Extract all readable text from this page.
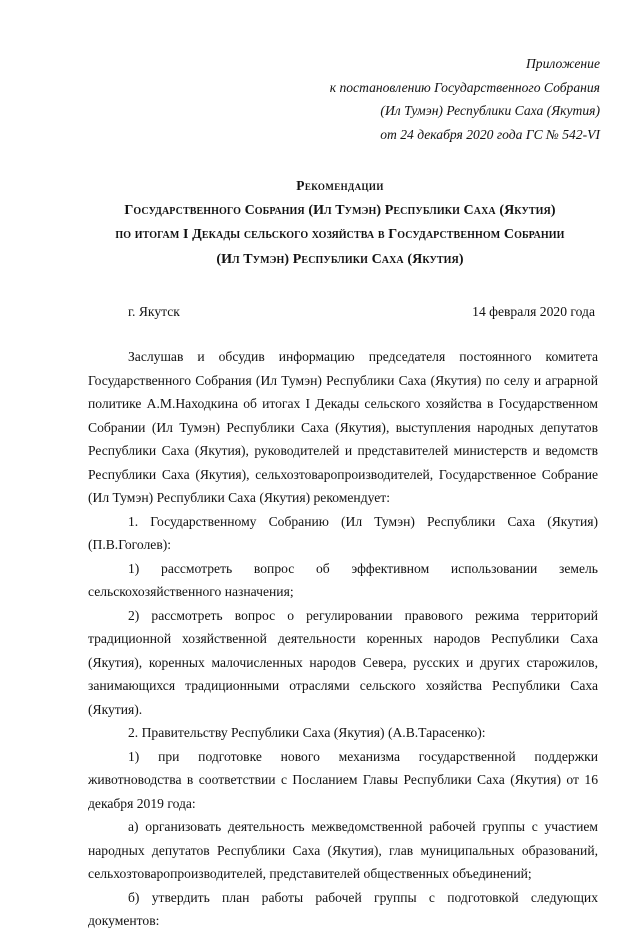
Приложение
к постановлению Государственного Собрания
(Ил Тумэн) Республики Саха (Якутия)
от 24 декабря 2020 года ГС № 542-VI
Рекомендации
Государственного Собрания (Ил Тумэн) Республики Саха (Якутия)
по итогам I Декады сельского хозяйства в Государственном Собрании
(Ил Тумэн) Республики Саха (Якутия)
г. Якутск	14 февраля 2020 года

Заслушав и обсудив информацию председателя постоянного комитета Государственного Собрания (Ил Тумэн) Республики Саха (Якутия) по селу и аграрной политике А.М.Находкина об итогах I Декады сельского хозяйства в Государственном Собрании (Ил Тумэн) Республики Саха (Якутия), выступления народных депутатов Республики Саха (Якутия), руководителей и представителей министерств и ведомств Республики Саха (Якутия), сельхозтоваропроизводителей, Государственное Собрание (Ил Тумэн) Республики Саха (Якутия) рекомендует:

1. Государственному Собранию (Ил Тумэн) Республики Саха (Якутия) (П.В.Гоголев):

1) рассмотреть вопрос об эффективном использовании земель сельскохозяйственного назначения;

2) рассмотреть вопрос о регулировании правового режима территорий традиционной хозяйственной деятельности коренных народов Республики Саха (Якутия), коренных малочисленных народов Севера, русских и других старожилов, занимающихся традиционными отраслями сельского хозяйства Республики Саха (Якутия).

2. Правительству Республики Саха (Якутия) (А.В.Тарасенко):

1) при подготовке нового механизма государственной поддержки животноводства в соответствии с Посланием Главы Республики Саха (Якутия) от 16 декабря 2019 года:

а) организовать деятельность межведомственной рабочей группы с участием народных депутатов Республики Саха (Якутия), глав муниципальных образований, сельхозтоваропроизводителей, представителей общественных объединений;

б) утвердить план работы рабочей группы с подготовкой следующих документов:
